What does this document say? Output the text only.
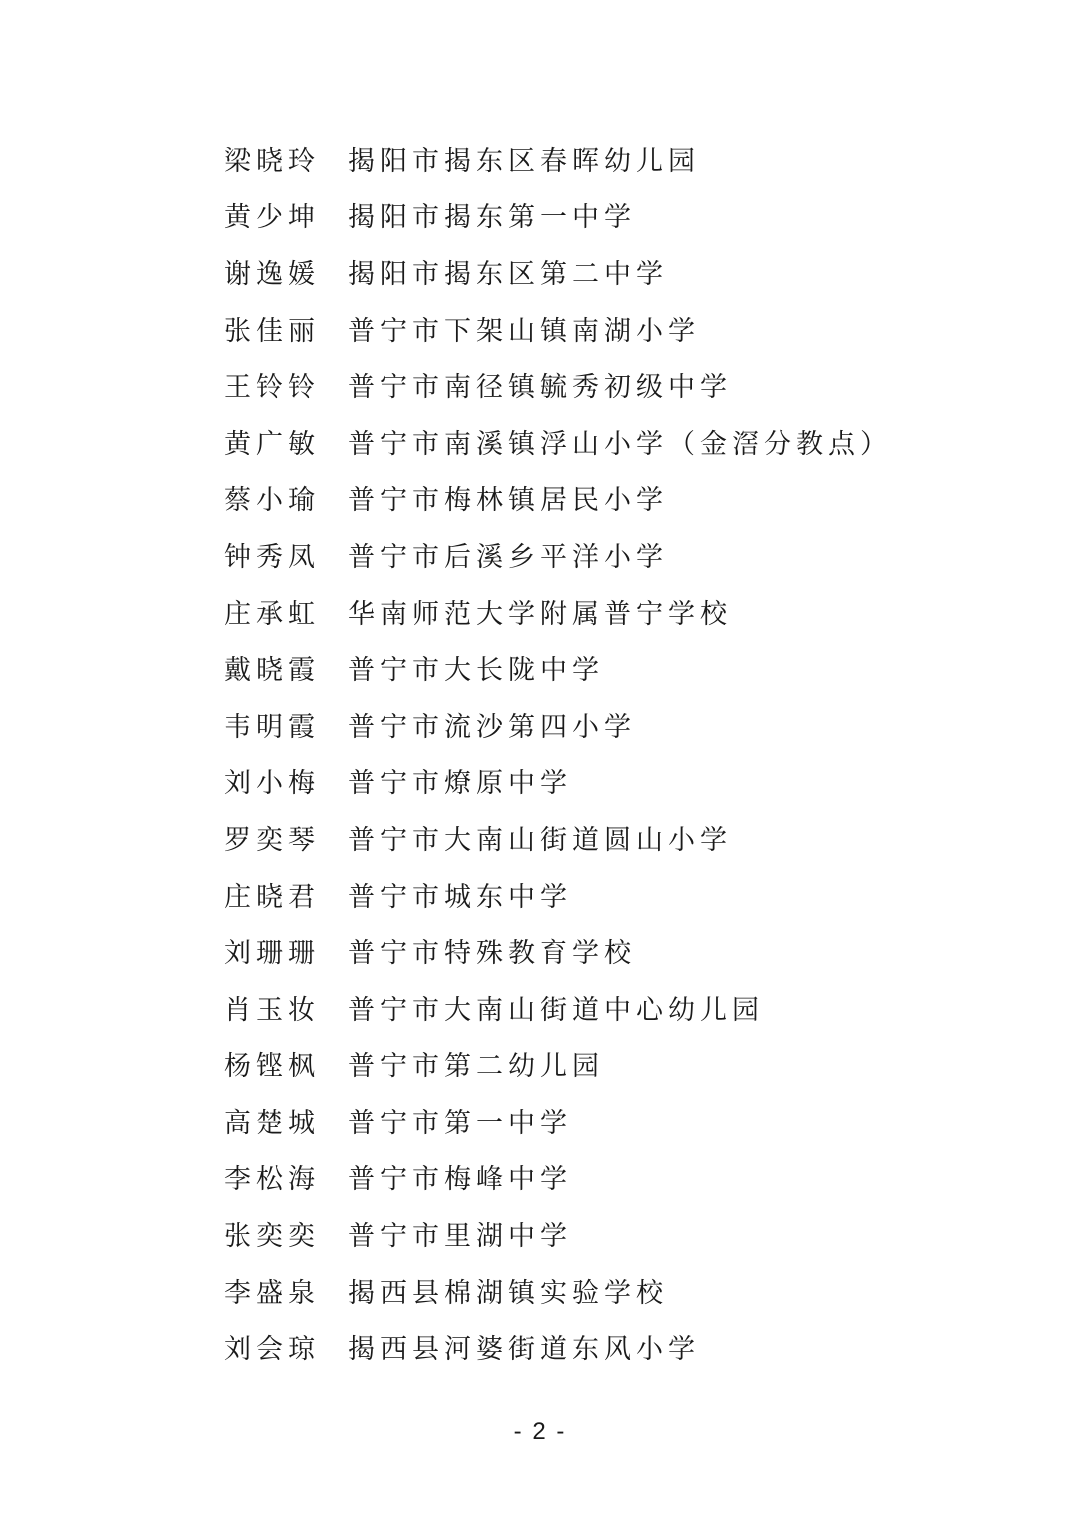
梁晓玲	揭阳市揭东区春晖幼儿园
黄少坤	揭阳市揭东第一中学
谢逸媛	揭阳市揭东区第二中学
张佳丽	普宁市下架山镇南湖小学
王铃铃	普宁市南径镇毓秀初级中学
黄广敏	普宁市南溪镇浮山小学（金滘分教点）
蔡小瑜	普宁市梅林镇居民小学
钟秀凤	普宁市后溪乡平洋小学
庄承虹	华南师范大学附属普宁学校
戴晓霞	普宁市大长陇中学
韦明霞	普宁市流沙第四小学
刘小梅	普宁市燎原中学
罗奕琴	普宁市大南山街道圆山小学
庄晓君	普宁市城东中学
刘珊珊	普宁市特殊教育学校
肖玉妆	普宁市大南山街道中心幼儿园
杨铿枫	普宁市第二幼儿园
高楚城	普宁市第一中学
李松海	普宁市梅峰中学
张奕奕	普宁市里湖中学
李盛泉	揭西县棉湖镇实验学校
刘会琼	揭西县河婆街道东风小学
- 2 -
